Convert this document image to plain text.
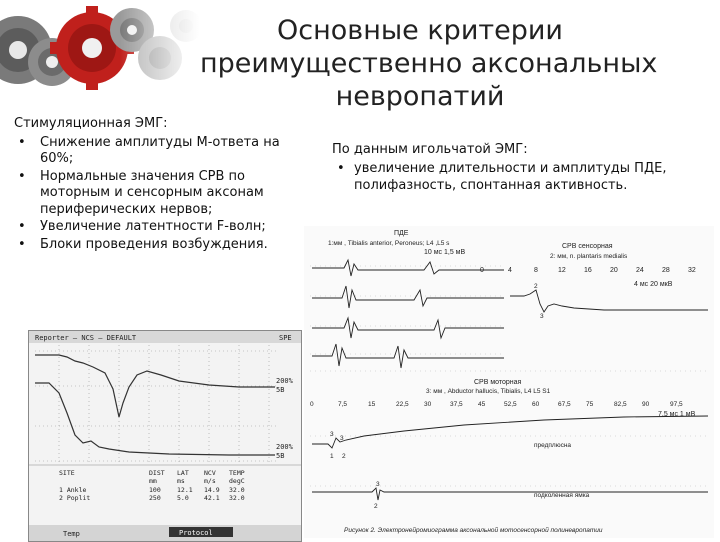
Основные критерии
преимущественно аксональных
невропатий
Стимуляционная ЭМГ:
• Снижение амплитуды М-ответа на 60%;
• Нормальные значения СРВ по моторным и сенсорным аксонам периферических нервов;
• Увеличение латентности F-волн;
• Блоки проведения возбуждения.
По данным игольчатой ЭМГ:
• увеличение длительности и амплитуды ПДЕ, полифазность, спонтанная активность.
Reporter — NCS — DEFAULT	SPE
200%
5B
200%
5B
SITE	DIST LAT NCV TEMP
mm	ms	m/s degC
1 Ankle	100	12.1 14.9 32.0
2 Poplit	250	5.0 42.1 32.0
Temp	Protocol
ПДЕ
1:мм , Tibialis anterior, Peroneus; L4 ,L5 s
10 мс 1,5 мВ
СРВ сенсорная
2: мм, n. plantaris medialis
0	4	8	12	16	20	24	28	32
4 мс 20 мкВ
2
3
СРВ моторная
3: мм , Abductor hallucis, Tibialis, L4 L5 S1
0	7,5	15	22,5 30	37,5 45	52,5 60	67,5 75	82,5 90	97,5
7,5 мс 1 мВ
3
3
1 2
предплюсна
3
2
подколенная ямка
Рисунок 2. Электронейромиограмма аксональной мотосенсорной полиневропатии
